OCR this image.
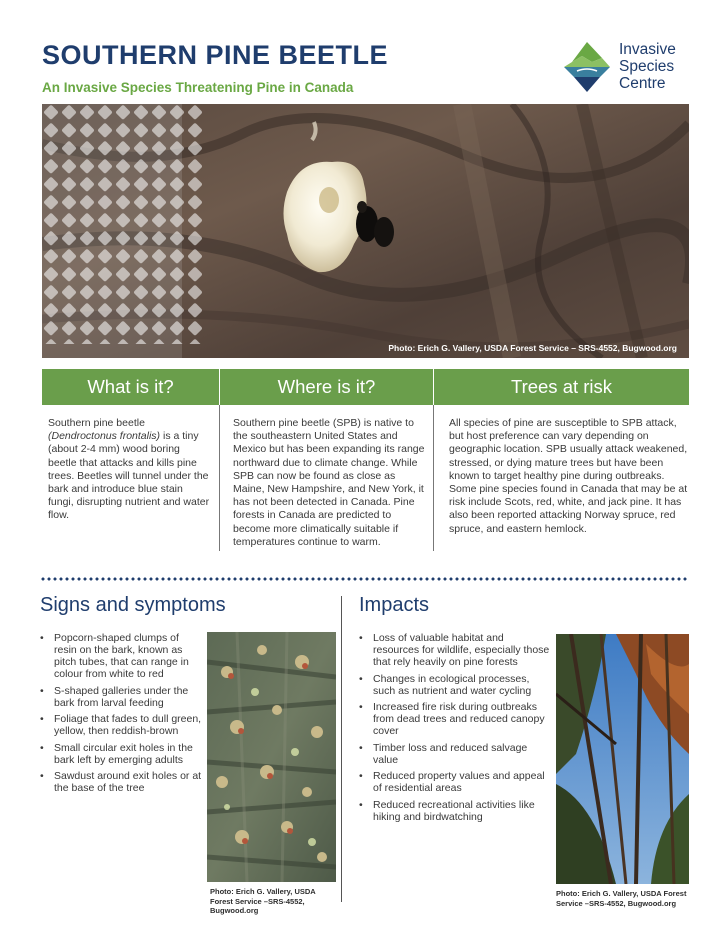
SOUTHERN PINE BEETLE
An Invasive Species Threatening Pine in Canada
Invasive
Species
Centre
Photo: Erich G. Vallery, USDA Forest Service – SRS-4552, Bugwood.org
What is it?	Where is it?	Trees at risk
Southern pine beetle (Dendroctonus frontalis) is a tiny (about 2-4 mm) wood boring beetle that attacks and kills pine trees. Beetles will tunnel under the bark and introduce blue stain fungi, disrupting nutrient and water flow.
Southern pine beetle (SPB) is native to the southeastern United States and Mexico but has been expanding its range northward due to climate change. While SPB can now be found as close as Maine, New Hampshire, and New York, it has not been detected in Canada. Pine forests in Canada are predicted to become more climatically suitable if temperatures continue to warm.
All species of pine are susceptible to SPB attack, but host preference can vary depending on geographic location. SPB usually attack weakened, stressed, or dying mature trees but have been known to target healthy pine during outbreaks. Some pine species found in Canada that may be at risk include Scots, red, white, and jack pine. It has also been reported attacking Norway spruce, red spruce, and eastern hemlock.
Signs and symptoms
• Popcorn-shaped clumps of resin on the bark, known as pitch tubes, that can range in colour from white to red
• S-shaped galleries under the bark from larval feeding
• Foliage that fades to dull green, yellow, then reddish-brown
• Small circular exit holes in the bark left by emerging adults
• Sawdust around exit holes or at the base of the tree
Photo: Erich G. Vallery, USDA Forest Service –SRS-4552, Bugwood.org
Impacts
• Loss of valuable habitat and resources for wildlife, especially those that rely heavily on pine forests
• Changes in ecological processes, such as nutrient and water cycling
• Increased fire risk during outbreaks from dead trees and reduced canopy cover
• Timber loss and reduced salvage value
• Reduced property values and appeal of residential areas
• Reduced recreational activities like hiking and birdwatching
Photo: Erich G. Vallery, USDA Forest Service –SRS-4552, Bugwood.org
